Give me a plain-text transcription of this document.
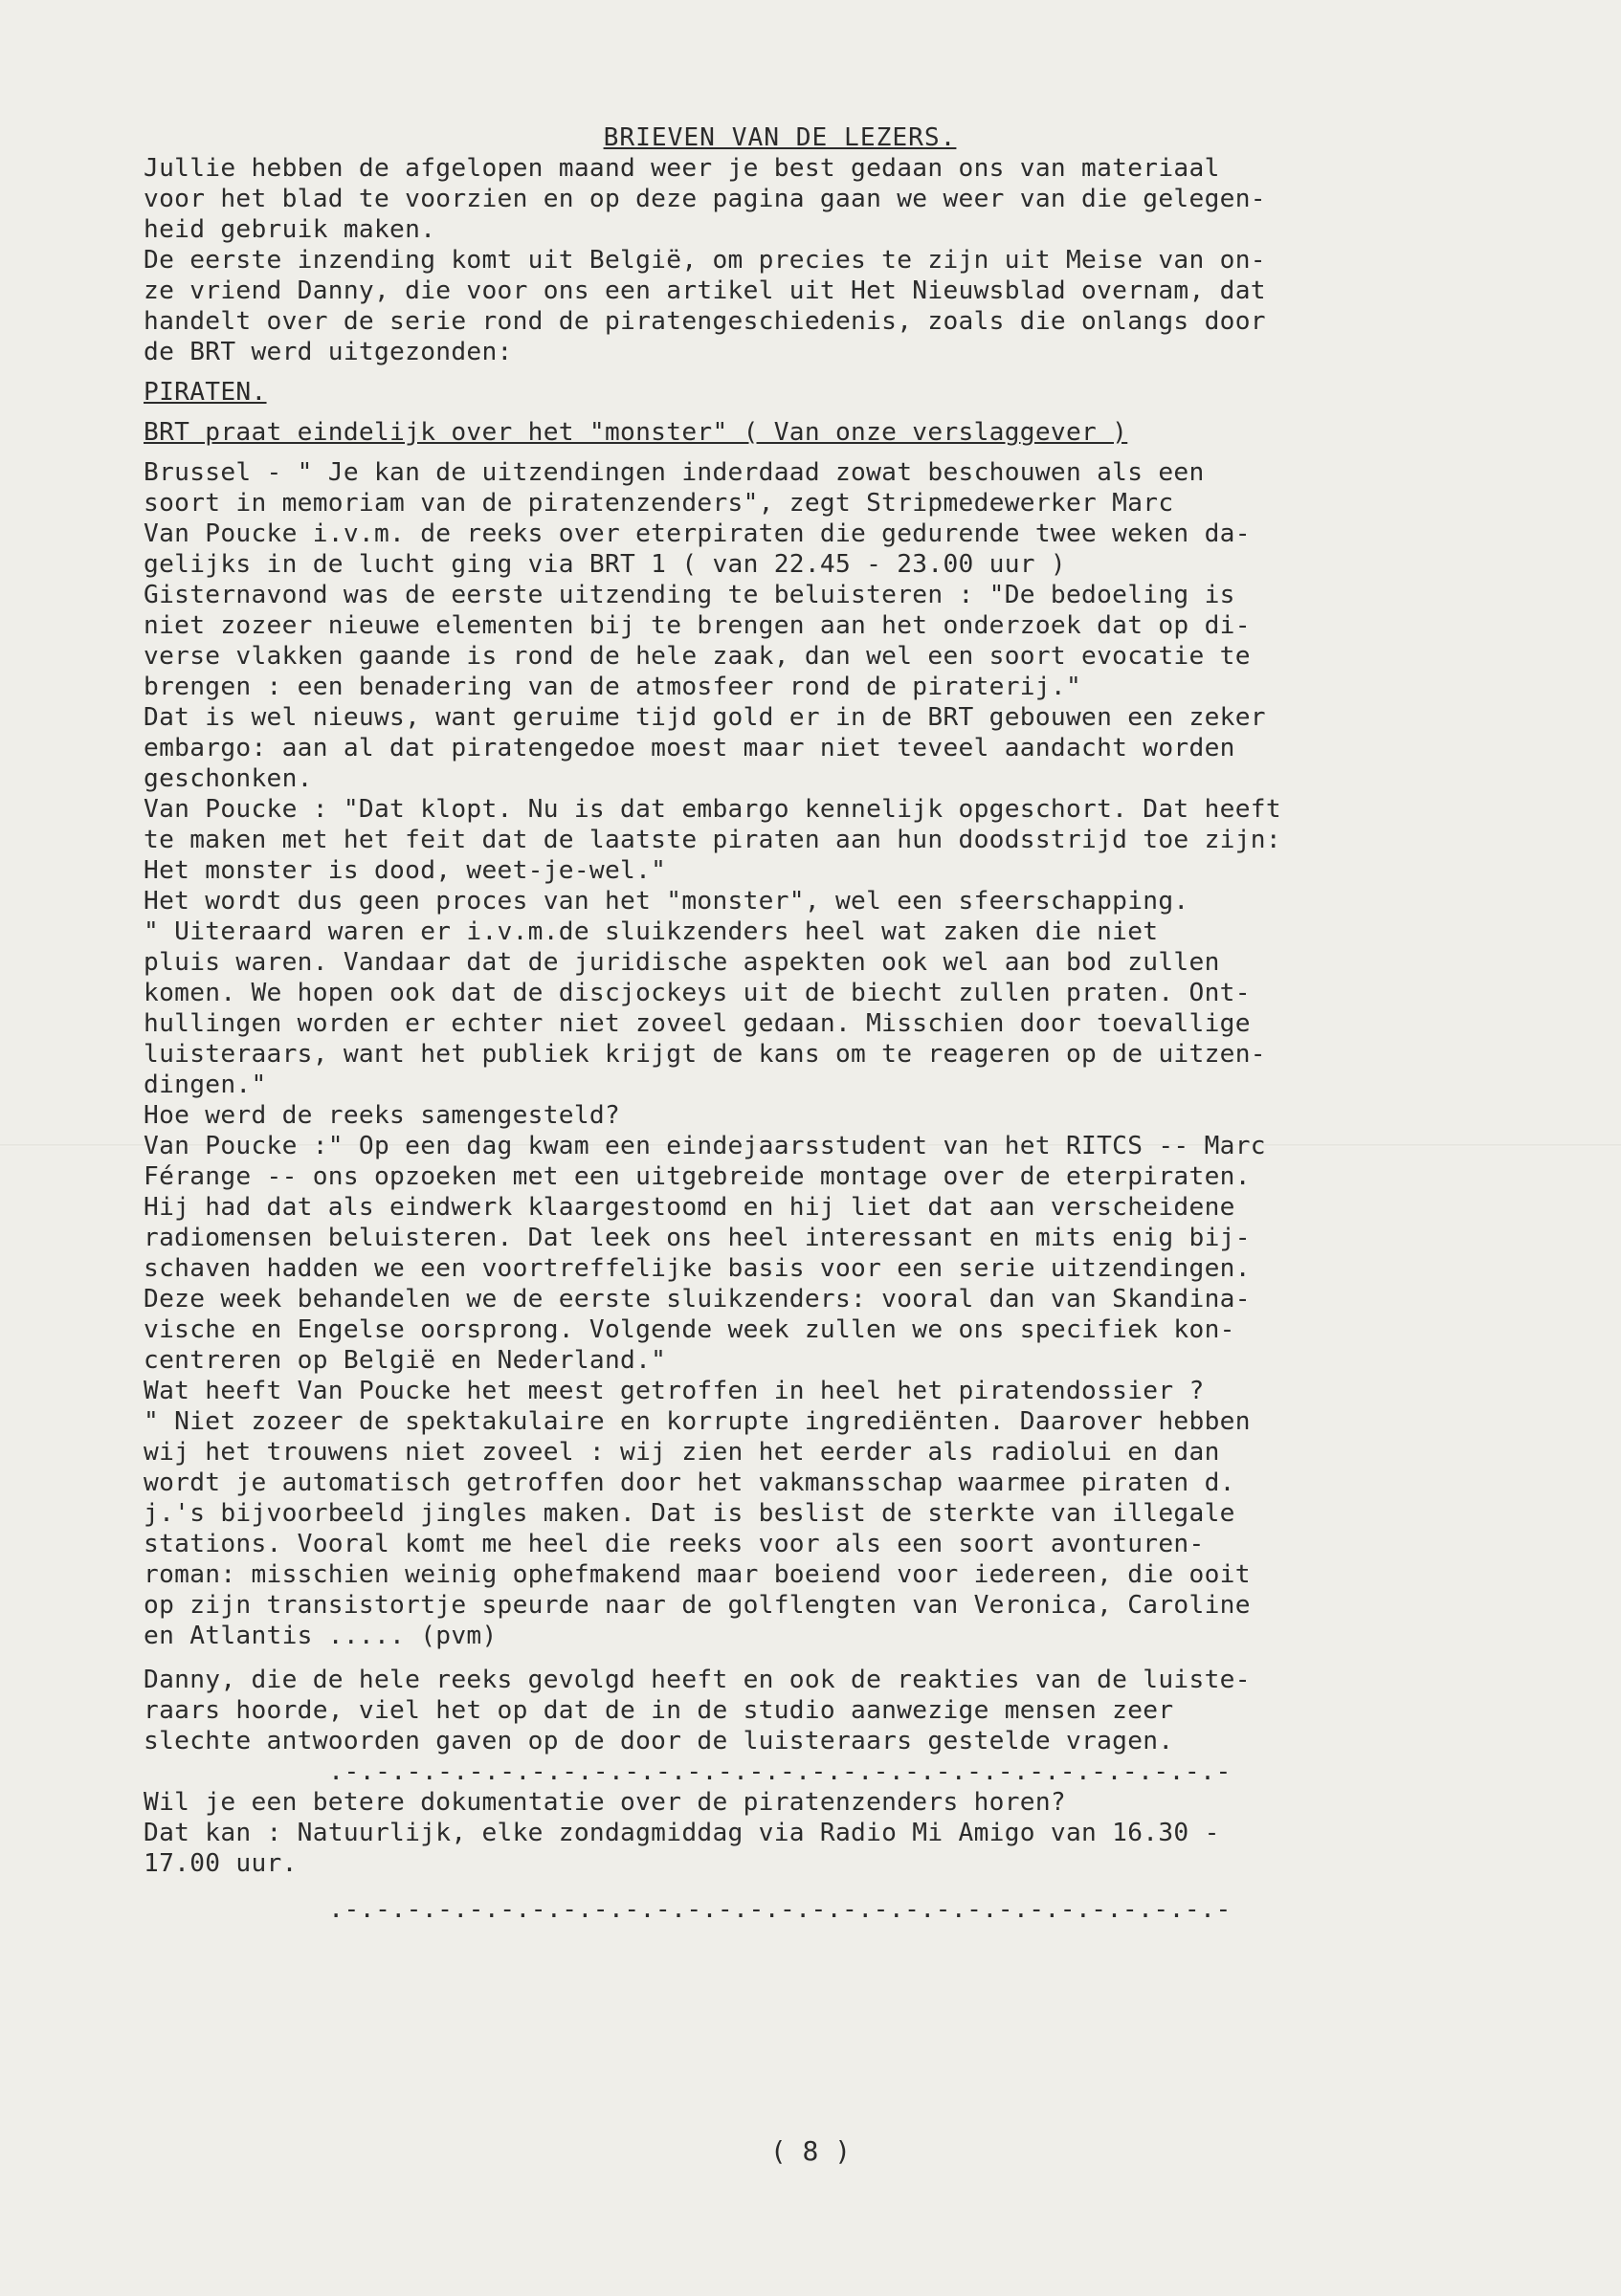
BRIEVEN VAN DE LEZERS.

Jullie hebben de afgelopen maand weer je best gedaan ons van materiaal

voor het blad te voorzien en op deze pagina gaan we weer van die gelegen-

heid gebruik maken.

De eerste inzending komt uit België, om precies te zijn uit Meise van on-

ze vriend Danny, die voor ons een artikel uit Het Nieuwsblad overnam, dat

handelt over de serie rond de piratengeschiedenis, zoals die onlangs door

de BRT werd uitgezonden:

PIRATEN.
BRT praat eindelijk over het "monster" ( Van onze verslaggever )

Brussel - " Je kan de uitzendingen inderdaad zowat beschouwen als een

soort in memoriam van de piratenzenders", zegt Stripmedewerker Marc

Van Poucke i.v.m. de reeks over eterpiraten die gedurende twee weken da-

gelijks in de lucht ging via BRT 1 ( van 22.45 - 23.00 uur )

Gisternavond was de eerste uitzending te beluisteren : "De bedoeling is

niet zozeer nieuwe elementen bij te brengen aan het onderzoek dat op di-

verse vlakken gaande is rond de hele zaak, dan wel een soort evocatie te

brengen : een benadering van de atmosfeer rond de piraterij."

Dat is wel nieuws, want geruime tijd gold er in de BRT gebouwen een zeker

embargo: aan al dat piratengedoe moest maar niet teveel aandacht worden

geschonken.

Van Poucke : "Dat klopt. Nu is dat embargo kennelijk opgeschort. Dat heeft

te maken met het feit dat de laatste piraten aan hun doodsstrijd toe zijn:

Het monster is dood, weet-je-wel."

Het wordt dus geen proces van het "monster", wel een sfeerschapping.

" Uiteraard waren er i.v.m.de sluikzenders heel wat zaken die niet

pluis waren. Vandaar dat de juridische aspekten ook wel aan bod zullen

komen. We hopen ook dat de discjockeys uit de biecht zullen praten. Ont-

hullingen worden er echter niet zoveel gedaan. Misschien door toevallige

luisteraars, want het publiek krijgt de kans om te reageren op de uitzen-

dingen."

Hoe werd de reeks samengesteld?

Van Poucke :" Op een dag kwam een eindejaarsstudent van het RITCS -- Marc

Férange -- ons opzoeken met een uitgebreide montage over de eterpiraten.

Hij had dat als eindwerk klaargestoomd en hij liet dat aan verscheidene

radiomensen beluisteren. Dat leek ons heel interessant en mits enig bij-

schaven hadden we een voortreffelijke basis voor een serie uitzendingen.

Deze week behandelen we de eerste sluikzenders: vooral dan van Skandina-

vische en Engelse oorsprong. Volgende week zullen we ons specifiek kon-

centreren op België en Nederland."

Wat heeft Van Poucke het meest getroffen in heel het piratendossier ?

" Niet zozeer de spektakulaire en korrupte ingrediënten. Daarover hebben

wij het trouwens niet zoveel : wij zien het eerder als radiolui en dan

wordt je automatisch getroffen door het vakmansschap waarmee piraten d.

j.'s bijvoorbeeld jingles maken. Dat is beslist de sterkte van illegale

stations. Vooral komt me heel die reeks voor als een soort avonturen-

roman: misschien weinig ophefmakend maar boeiend voor iedereen, die ooit

op zijn transistortje speurde naar de golflengten van Veronica, Caroline

en Atlantis ..... (pvm)

Danny, die de hele reeks gevolgd heeft en ook de reakties van de luiste-

raars hoorde, viel het op dat de in de studio aanwezige mensen zeer

slechte antwoorden gaven op de door de luisteraars gestelde vragen.

.-.-.-.-.-.-.-.-.-.-.-.-.-.-.-.-.-.-.-.-.-.-.-.-.-.-.-.-.-

Wil je een betere dokumentatie over de piratenzenders horen?

Dat kan : Natuurlijk, elke zondagmiddag via Radio Mi Amigo van 16.30 -

17.00 uur.

.-.-.-.-.-.-.-.-.-.-.-.-.-.-.-.-.-.-.-.-.-.-.-.-.-.-.-.-.-

( 8 )
